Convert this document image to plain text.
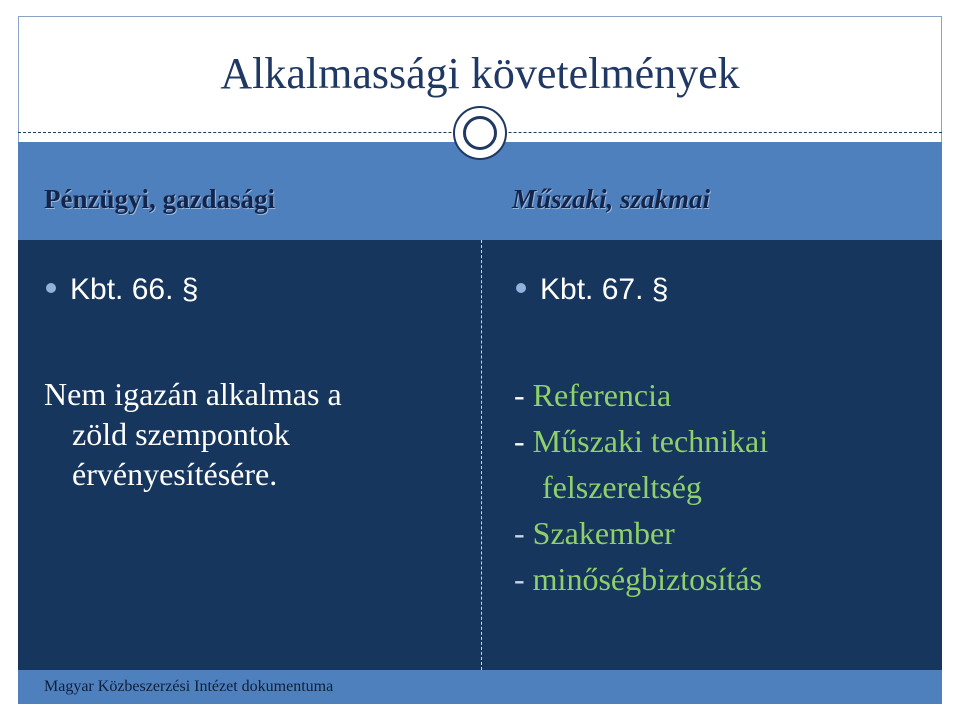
Alkalmassági követelmények
Pénzügyi, gazdasági	Műszaki, szakmai
Kbt. 66. §	Kbt. 67. §
Nem igazán alkalmas a
zöld szempontok
érvényesítésére.
- Referencia
- Műszaki technikai
felszereltség
- Szakember
- minőségbiztosítás
Magyar Közbeszerzési Intézet dokumentuma
